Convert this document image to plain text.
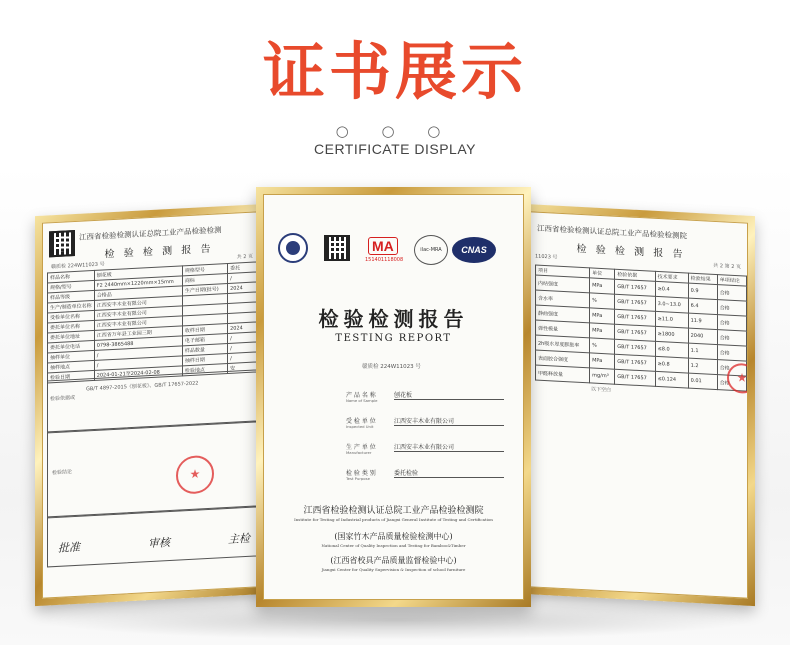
证书展示
○ ○ ○
CERTIFICATE DISPLAY
江西省检验检测认证总院工业产品检验检测
检 验 检 测 报 告
赣质检 224W11023 号
共 2 页
样品名称	刨花板	规格型号	委托
规格/型号	F2 2440mm×1220mm×15mm	商标	/
样品等级	合格品	生产日期(批号)	2024
生产/制造单位名称	江西安丰木业有限公司		
受检单位名称	江西安丰木业有限公司		
委托单位名称	江西安丰木业有限公司		
委托单位地址	江西省万年县工业园三期	收样日期	2024
委托单位电话	0798-3865488	电子邮箱	/
抽样单位	/	样品数量	/
抽样地点	/	抽样日期	/
检验日期	2024-01-21至2024-02-08	检验地点	安
检验依据或
GB/T 4897-2015《刨花板》、GB/T 17657-2022
检验结论
★
批准	审核	主检
江西省检验检测认证总院工业产品检验检测院
检 验 检 测 报 告
11023 号
共 2 第 2 页
项目	单位	检验依据	技术要求	检验结果	单项结论
内结强度	MPa	GB/T 17657	≥0.4	0.9	合格
含水率	%	GB/T 17657	3.0~13.0	6.4	合格
静曲强度	MPa	GB/T 17657	≥11.0	11.9	合格
弹性模量	MPa	GB/T 17657	≥1800	2040	合格
2h吸水厚度膨胀率	%	GB/T 17657	≤8.0	1.1	合格
表面胶合强度	MPa	GB/T 17657	≥0.8	1.2	合格
甲醛释放量	mg/m³	GB/T 17657	≤0.124	0.01	合格
以下空白
★
MA
151401118008
ilac-MRA	CNAS
检验检测报告
TESTING REPORT
赣质检 224W11023 号
产 品 名 称
Name of Sample
刨花板
受 检 单 位
Inspected Unit
江西安丰木业有限公司
生 产 单 位
Manufacturer
江西安丰木业有限公司
检 验 类 别
Test Purpose
委托检验
江西省检验检测认证总院工业产品检验检测院
Institute for Testing of Industrial products of Jiangxi General Institute of Testing and Certification
(国家竹木产品质量检验检测中心)
National Center of Quality Inspection and Testing for Bamboo&Timber
(江西省校具产品质量监督检验中心)
Jiangxi Center for Quality Supervision & Inspection of school furniture
